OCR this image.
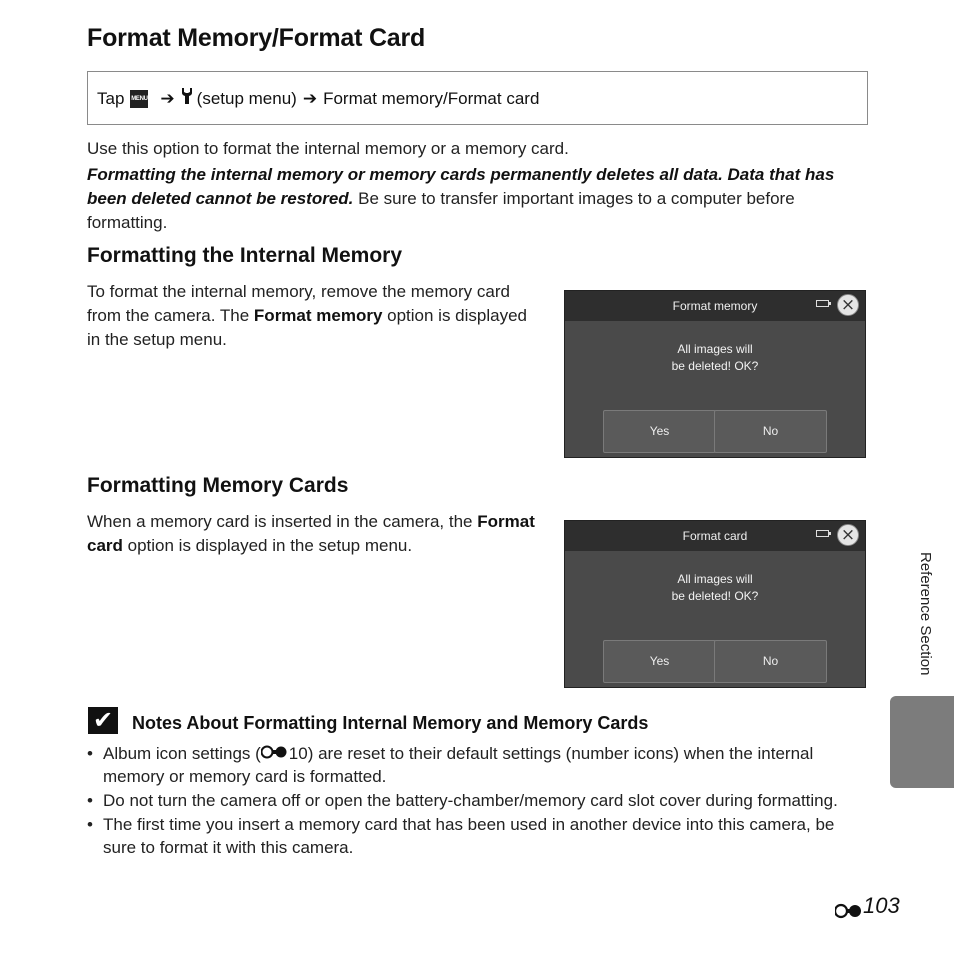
Format Memory/Format Card
Tap MENU ➔ (setup menu) ➔ Format memory/Format card
Use this option to format the internal memory or a memory card.
Formatting the internal memory or memory cards permanently deletes all data. Data that has been deleted cannot be restored. Be sure to transfer important images to a computer before formatting.
Formatting the Internal Memory
To format the internal memory, remove the memory card from the camera. The Format memory option is displayed in the setup menu.
Format memory	×
All images will
be deleted! OK?
Yes	No
Formatting Memory Cards
When a memory card is inserted in the camera, the Format card option is displayed in the setup menu.	Format card	×
All images will
be deleted! OK?
Yes	No
✔ Notes About Formatting Internal Memory and Memory Cards
• Album icon settings ( 10) are reset to their default settings (number icons) when the internal memory or memory card is formatted.
• Do not turn the camera off or open the battery-chamber/memory card slot cover during formatting.
• The first time you insert a memory card that has been used in another device into this camera, be sure to format it with this camera.
Reference Section
103
